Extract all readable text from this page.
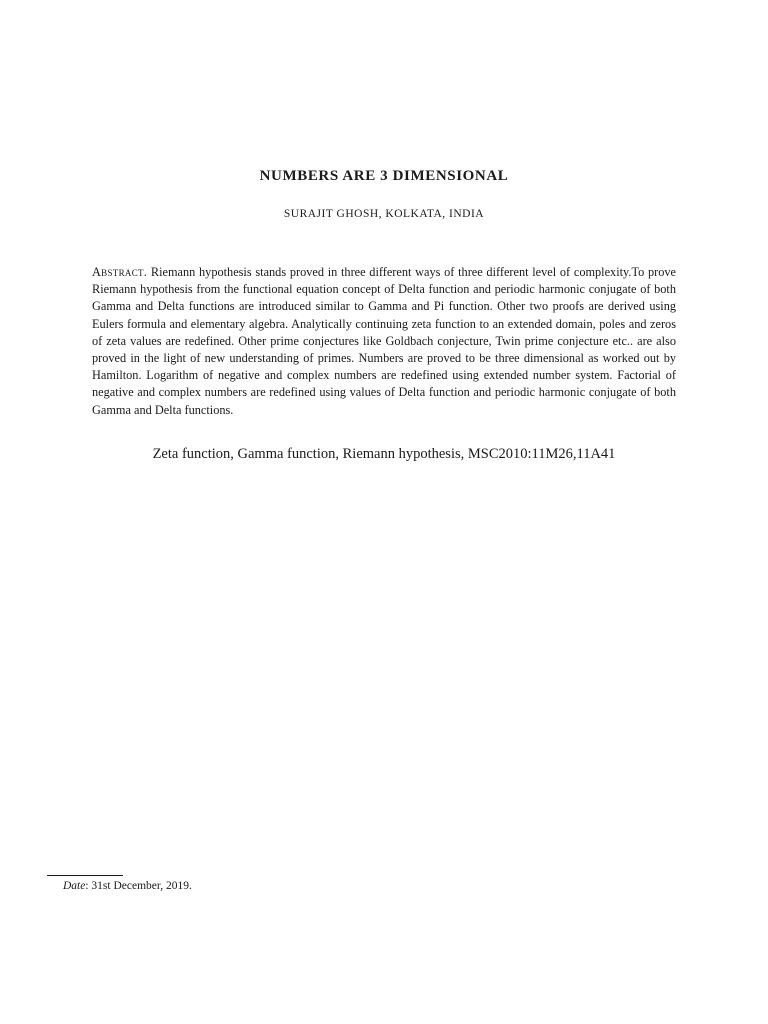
NUMBERS ARE 3 DIMENSIONAL
SURAJIT GHOSH, KOLKATA, INDIA
Abstract. Riemann hypothesis stands proved in three different ways of three different level of complexity.To prove Riemann hypothesis from the functional equation concept of Delta function and periodic harmonic conjugate of both Gamma and Delta functions are introduced similar to Gamma and Pi function. Other two proofs are derived using Eulers formula and elementary algebra. Analytically continuing zeta function to an extended domain, poles and zeros of zeta values are redefined. Other prime conjectures like Goldbach conjecture, Twin prime conjecture etc.. are also proved in the light of new understanding of primes. Numbers are proved to be three dimensional as worked out by Hamilton. Logarithm of negative and complex numbers are redefined using extended number system. Factorial of negative and complex numbers are redefined using values of Delta function and periodic harmonic conjugate of both Gamma and Delta functions.
Zeta function, Gamma function, Riemann hypothesis, MSC2010:11M26,11A41
Date: 31st December, 2019.
